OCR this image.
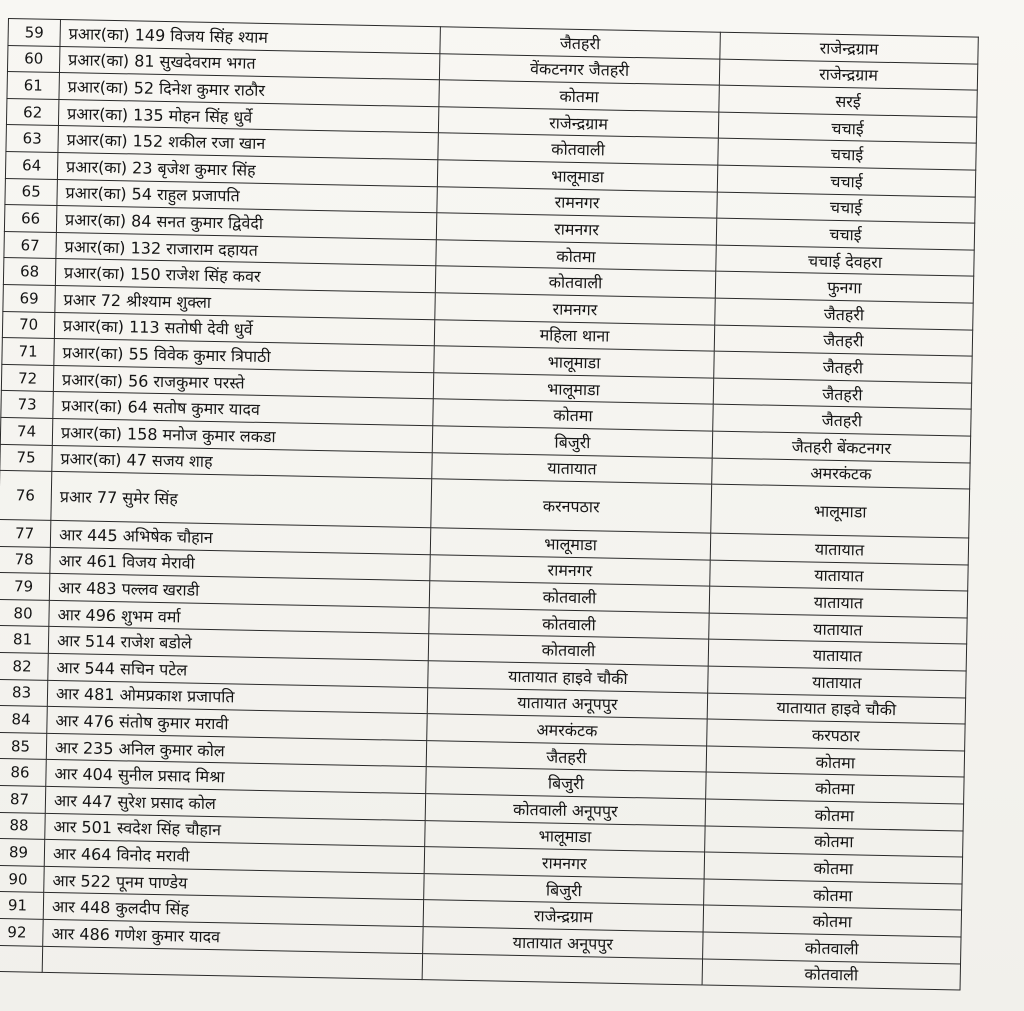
59	प्रआर(का) 149 विजय सिंह श्याम	जैतहरी	राजेन्द्रग्राम
60	प्रआर(का) 81 सुखदेवराम भगत	वेंकटनगर जैतहरी	राजेन्द्रग्राम
61	प्रआर(का) 52 दिनेश कुमार राठौर	कोतमा	सरई
62	प्रआर(का) 135 मोहन सिंह धुर्वे	राजेन्द्रग्राम	चचाई
63	प्रआर(का) 152 शकील रजा खान	कोतवाली	चचाई
64	प्रआर(का) 23 बृजेश कुमार सिंह	भालूमाडा	चचाई
65	प्रआर(का) 54 राहुल प्रजापति	रामनगर	चचाई
66	प्रआर(का) 84 सनत कुमार द्विवेदी	रामनगर	चचाई
67	प्रआर(का) 132 राजाराम दहायत	कोतमा	चचाई देवहरा
68	प्रआर(का) 150 राजेश सिंह कवर	कोतवाली	फुनगा
69	प्रआर 72 श्रीश्याम शुक्ला	रामनगर	जैतहरी
70	प्रआर(का) 113 सतोषी देवी धुर्वे	महिला थाना	जैतहरी
71	प्रआर(का) 55 विवेक कुमार त्रिपाठी	भालूमाडा	जैतहरी
72	प्रआर(का) 56 राजकुमार परस्ते	भालूमाडा	जैतहरी
73	प्रआर(का) 64 सतोष कुमार यादव	कोतमा	जैतहरी
74	प्रआर(का) 158 मनोज कुमार लकडा	बिजुरी	जैतहरी बेंकटनगर
75	प्रआर(का) 47 सजय शाह	यातायात	अमरकंटक
76	प्रआर 77 सुमेर सिंह	करनपठार	भालूमाडा
77	आर 445 अभिषेक चौहान	भालूमाडा	यातायात
78	आर 461 विजय मेरावी	रामनगर	यातायात
79	आर 483 पल्लव खराडी	कोतवाली	यातायात
80	आर 496 शुभम वर्मा	कोतवाली	यातायात
81	आर 514 राजेश बडोले	कोतवाली	यातायात
82	आर 544 सचिन पटेल	यातायात हाइवे चौकी	यातायात
83	आर 481 ओमप्रकाश प्रजापति	यातायात अनूपपुर	यातायात हाइवे चौकी
84	आर 476 संतोष कुमार मरावी	अमरकंटक	करपठार
85	आर 235 अनिल कुमार कोल	जैतहरी	कोतमा
86	आर 404 सुनील प्रसाद मिश्रा	बिजुरी	कोतमा
87	आर 447 सुरेश प्रसाद कोल	कोतवाली अनूपपुर	कोतमा
88	आर 501 स्वदेश सिंह चौहान	भालूमाडा	कोतमा
89	आर 464 विनोद मरावी	रामनगर	कोतमा
90	आर 522 पूनम पाण्डेय	बिजुरी	कोतमा
91	आर 448 कुलदीप सिंह	राजेन्द्रग्राम	कोतमा
92	आर 486 गणेश कुमार यादव	यातायात अनूपपुर	कोतवाली
			कोतवाली
